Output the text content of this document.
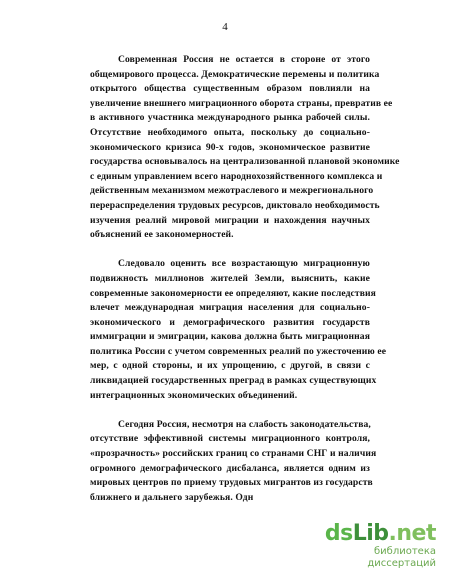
4
Современная Россия не остается в стороне от этого
общемирового процесса. Демократические перемены и политика
открытого общества существенным образом повлияли на
увеличение внешнего миграционного оборота страны, превратив ее
в активного участника международного рынка рабочей силы.
Отсутствие необходимого опыта, поскольку до социально-
экономического кризиса 90-х годов, экономическое развитие
государства основывалось на централизованной плановой экономике
с единым управлением всего народнохозяйственного комплекса и
действенным механизмом межотраслевого и межрегионального
перераспределения трудовых ресурсов, диктовало необходимость
изучения реалий мировой миграции и нахождения научных
объяснений ее закономерностей.
Следовало оценить все возрастающую миграционную
подвижность миллионов жителей Земли, выяснить, какие
современные закономерности ее определяют, какие последствия
влечет международная миграция населения для социально-
экономического и демографического развития государств
иммиграции и эмиграции, какова должна быть миграционная
политика России с учетом современных реалий по ужесточению ее
мер, с одной стороны, и их упрощению, с другой, в связи с
ликвидацией государственных преград в рамках существующих
интеграционных экономических объединений.
Сегодня Россия, несмотря на слабость законодательства,
отсутствие эффективной системы миграционного контроля,
«прозрачность» российских границ со странами СНГ и наличия
огромного демографического дисбаланса, является одним из
мировых центров по приему трудовых мигрантов из государств
ближнего и дальнего зарубежья. Одн
dsLib.net
библиотека диссертаций
